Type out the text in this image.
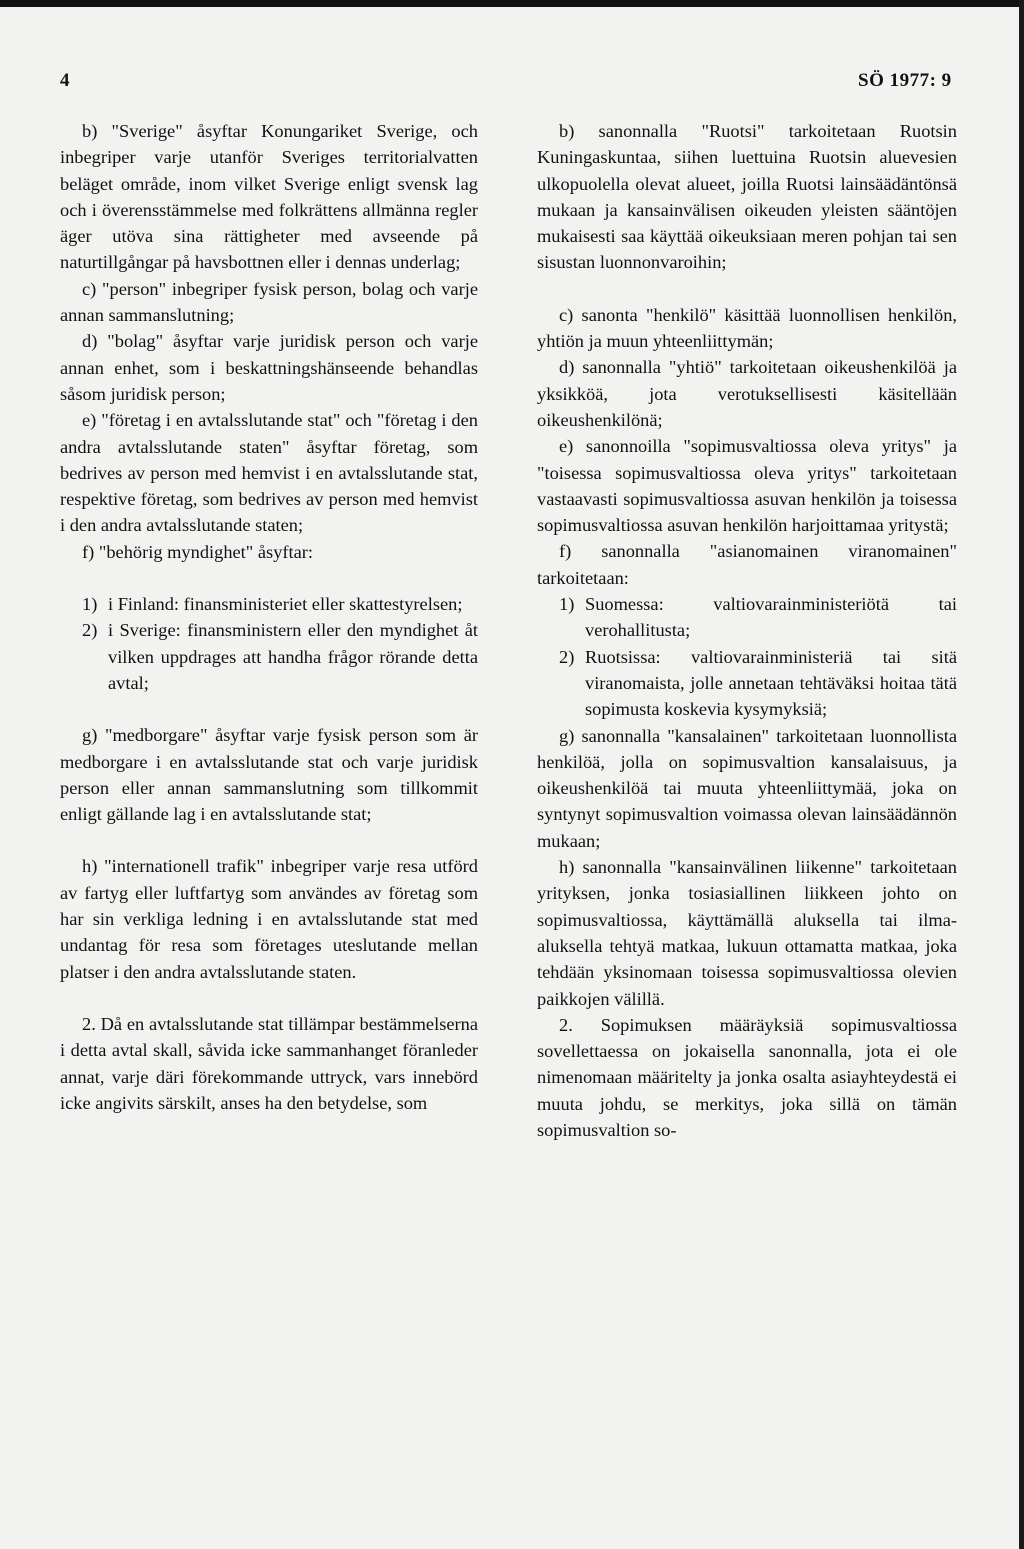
4	SÖ 1977: 9

b) "Sverige" åsyftar Konungariket Sverige, och inbegriper varje utanför Sveriges territorialvatten beläget område, inom vilket Sverige enligt svensk lag och i överensstämmelse med folkrättens allmänna regler äger utöva sina rättigheter med avseende på naturtillgångar på havsbottnen eller i dennas underlag;

c) "person" inbegriper fysisk person, bolag och varje annan sammanslutning;

d) "bolag" åsyftar varje juridisk person och varje annan enhet, som i beskattningshänseende behandlas såsom juridisk person;

e) "företag i en avtalsslutande stat" och "företag i den andra avtalsslutande staten" åsyftar företag, som bedrives av person med hemvist i en avtalsslutande stat, respektive företag, som bedrives av person med hemvist i den andra avtalsslutande staten;

f) "behörig myndighet" åsyftar:

1) i Finland: finansministeriet eller skattestyrelsen;
2) i Sverige: finansministern eller den myndighet åt vilken uppdrages att handha frågor rörande detta avtal;

g) "medborgare" åsyftar varje fysisk person som är medborgare i en avtalsslutande stat och varje juridisk person eller annan sammanslutning som tillkommit enligt gällande lag i en avtalsslutande stat;

h) "internationell trafik" inbegriper varje resa utförd av fartyg eller luftfartyg som användes av företag som har sin verkliga ledning i en avtalsslutande stat med undantag för resa som företages uteslutande mellan platser i den andra avtalsslutande staten.

2. Då en avtalsslutande stat tillämpar bestämmelserna i detta avtal skall, såvida icke sammanhanget föranleder annat, varje däri förekommande uttryck, vars innebörd icke angivits särskilt, anses ha den betydelse, som

b) sanonnalla "Ruotsi" tarkoitetaan Ruotsin Kuningaskuntaa, siihen luettuina Ruotsin aluevesien ulkopuolella olevat alueet, joilla Ruotsi lainsäädäntönsä mukaan ja kansainvälisen oikeuden yleisten sääntöjen mukaisesti saa käyttää oikeuksiaan meren pohjan tai sen sisustan luonnonvaroihin;

c) sanonta "henkilö" käsittää luonnollisen henkilön, yhtiön ja muun yhteenliittymän;

d) sanonnalla "yhtiö" tarkoitetaan oikeushenkilöä ja yksikköä, jota verotuksellisesti käsitellään oikeushenkilönä;

e) sanonnoilla "sopimusvaltiossa oleva yritys" ja "toisessa sopimusvaltiossa oleva yritys" tarkoitetaan vastaavasti sopimusvaltiossa asuvan henkilön ja toisessa sopimusvaltiossa asuvan henkilön harjoittamaa yritystä;

f) sanonnalla "asianomainen viranomainen" tarkoitetaan:

1) Suomessa: valtiovarainministeriötä tai verohallitusta;
2) Ruotsissa: valtiovarainministeriä tai sitä viranomaista, jolle annetaan tehtäväksi hoitaa tätä sopimusta koskevia kysymyksiä;

g) sanonnalla "kansalainen" tarkoitetaan luonnollista henkilöä, jolla on sopimusvaltion kansalaisuus, ja oikeushenkilöä tai muuta yhteenliittymää, joka on syntynyt sopimusvaltion voimassa olevan lainsäädännön mukaan;

h) sanonnalla "kansainvälinen liikenne" tarkoitetaan yrityksen, jonka tosiasiallinen liikkeen johto on sopimusvaltiossa, käyttämällä aluksella tai ilma-aluksella tehtyä matkaa, lukuun ottamatta matkaa, joka tehdään yksinomaan toisessa sopimusvaltiossa olevien paikkojen välillä.

2. Sopimuksen määräyksiä sopimusvaltiossa sovellettaessa on jokaisella sanonnalla, jota ei ole nimenomaan määritelty ja jonka osalta asiayhteydestä ei muuta johdu, se merkitys, joka sillä on tämän sopimusvaltion so-
